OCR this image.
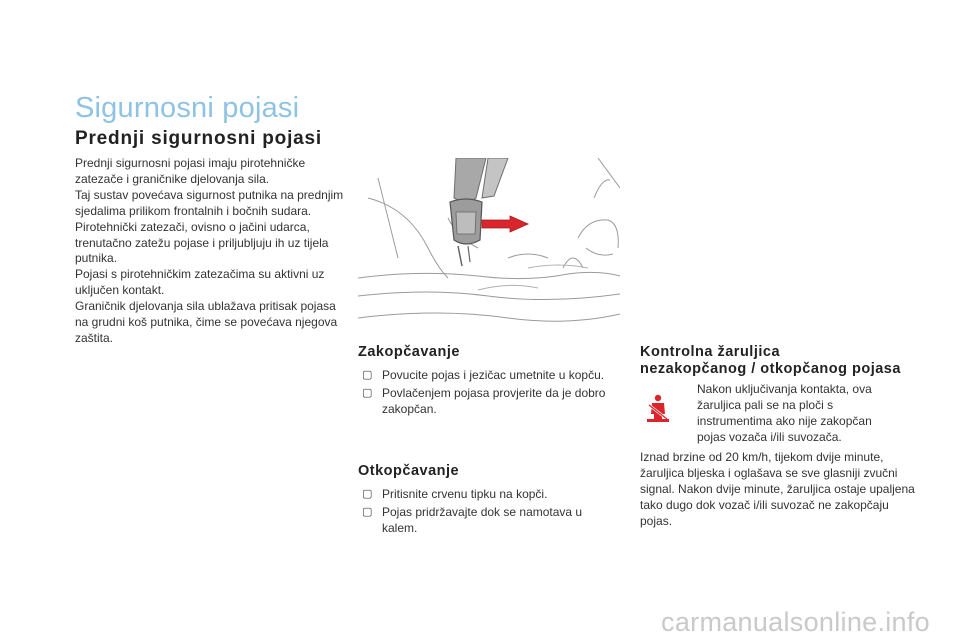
Sigurnosni pojasi
Prednji sigurnosni pojasi

Prednji sigurnosni pojasi imaju pirotehničke zatezače i graničnike djelovanja sila.

Taj sustav povećava sigurnost putnika na prednjim sjedalima prilikom frontalnih i bočnih sudara. Pirotehnički zatezači, ovisno o jačini udarca, trenutačno zatežu pojase i priljubljuju ih uz tijela putnika.

Pojasi s pirotehničkim zatezačima su aktivni uz uključen kontakt.

Graničnik djelovanja sila ublažava pritisak pojasa na grudni koš putnika, čime se povećava njegova zaštita.

Zakopčavanje
▢ Povucite pojas i jezičac umetnite u kopču.
▢ Povlačenjem pojasa provjerite da je dobro zakopčan.
Otkopčavanje
▢ Pritisnite crvenu tipku na kopči.
▢ Pojas pridržavajte dok se namotava u kalem.
Kontrolna žaruljica
nezakopčanog / otkopčanog pojasa
Nakon uključivanja kontakta, ova žaruljica pali se na ploči s instrumentima ako nije zakopčan pojas vozača i/ili suvozača.
Iznad brzine od 20 km/h, tijekom dvije minute, žaruljica bljeska i oglašava se sve glasniji zvučni signal. Nakon dvije minute, žaruljica ostaje upaljena tako dugo dok vozač i/ili suvozač ne zakopčaju pojas.
carmanualsonline.info
